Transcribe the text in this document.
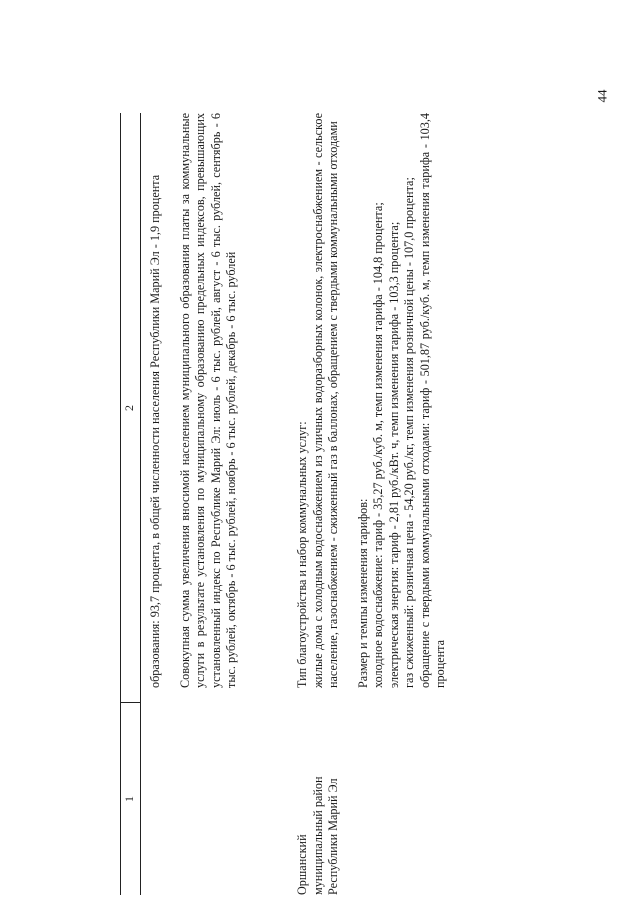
44
1
2 образования: 93,7 процента, в общей численности населения Республики Марий Эл - 1,9 процента Совокупная сумма увеличения вносимой населением муниципального образования платы за коммунальные услуги в результате установления по муниципальному образованию предельных индексов, превышающих установленный индекс по Республике Марий Эл: июль - 6 тыс. рублей, август - 6 тыс. рублей, сентябрь - 6 тыс. рублей, октябрь - 6 тыс. рублей, ноябрь - 6 тыс. рублей, декабрь - 6 тыс. рублей

Оршанский
муниципальный район
Республики Марий Эл

Тип благоустройства и набор коммунальных услуг:
жилые дома с холодным водоснабжением из уличных водоразборных колонок, электроснабжением - сельское население, газоснабжением - сжиженный газ в баллонах, обращением с твердыми коммунальными отходами

Размер и темпы изменения тарифов:
холодное водоснабжение: тариф - 35,27 руб./куб. м, темп изменения тарифа - 104,8 процента;
электрическая энергия: тариф - 2,81 руб./кВт. ч, темп изменения тарифа - 103,3 процента;
газ сжиженный: розничная цена - 54,20 руб./кг, темп изменения розничной цены - 107,0 процента;
обращение с твердыми коммунальными отходами: тариф - 501,87 руб./куб. м, темп изменения тарифа - 103,4 процента
